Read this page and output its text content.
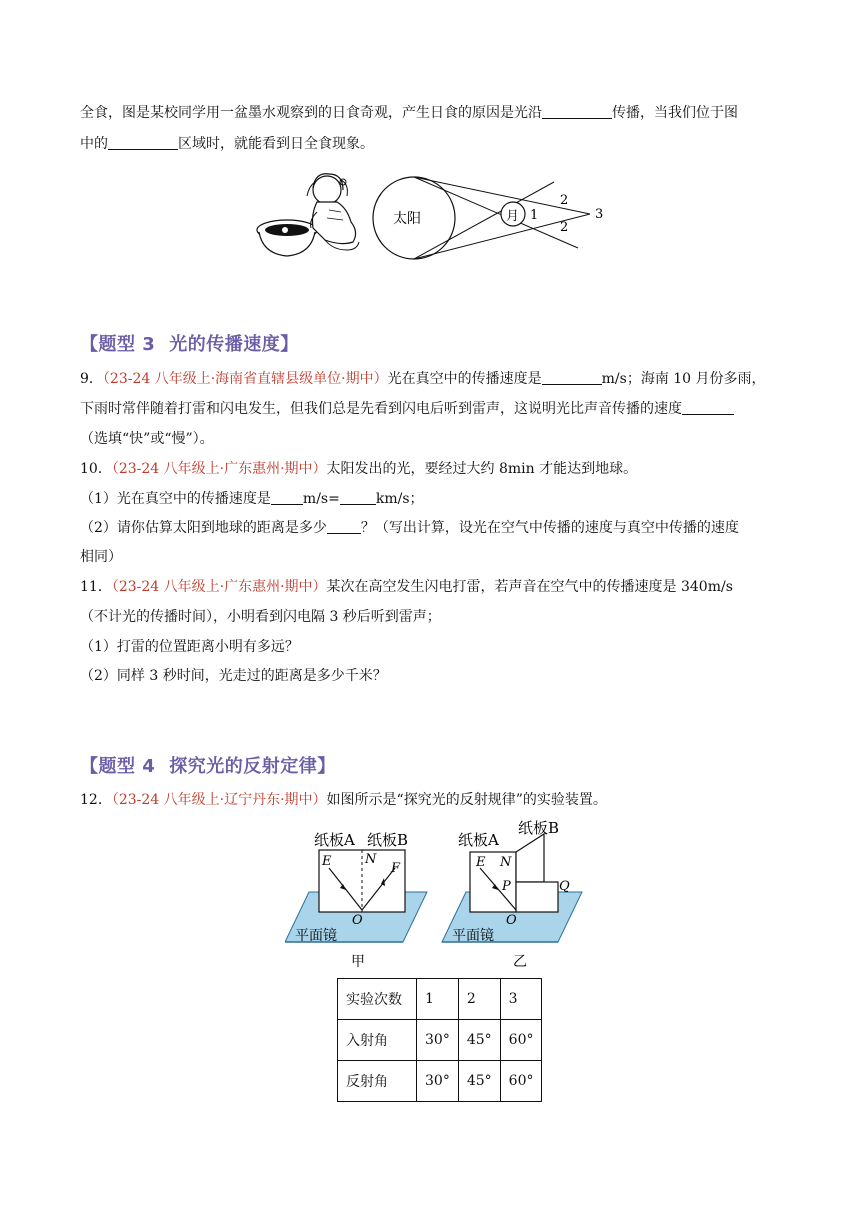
全食，图是某校同学用一盆墨水观察到的日食奇观，产生日食的原因是光沿	传播，当我们位于图
中的	区域时，就能看到日全食现象。
太阳	月 1
2
2
3
【题型 3 光的传播速度】
9．（23-24 八年级上·海南省直辖县级单位·期中）光在真空中的传播速度是	m/s；海南 10 月份多雨，
下雨时常伴随着打雷和闪电发生，但我们总是先看到闪电后听到雷声，这说明光比声音传播的速度
（选填“快”或“慢”）。
10．（23-24 八年级上·广东惠州·期中）太阳发出的光，要经过大约 8min 才能达到地球。
（1）光在真空中的传播速度是 m/s=	km/s；
（2）请你估算太阳到地球的距离是多少 ？（写出计算，设光在空气中传播的速度与真空中传播的速度
相同）
11．（23-24 八年级上·广东惠州·期中）某次在高空发生闪电打雷，若声音在空气中的传播速度是 340m/s
（不计光的传播时间），小明看到闪电隔 3 秒后听到雷声；
（1）打雷的位置距离小明有多远？
（2）同样 3 秒时间，光走过的距离是多少千米？
【题型 4 探究光的反射定律】
12．（23-24 八年级上·辽宁丹东·期中）如图所示是“探究光的反射规律”的实验装置。
纸板A 纸板B
E	N
F
O
平面镜
甲
纸板A
纸板B
E N
P	Q
O
平面镜
乙
实验次数	1	2	3
入射角	30°	45°	60°
反射角	30°	45°	60°
